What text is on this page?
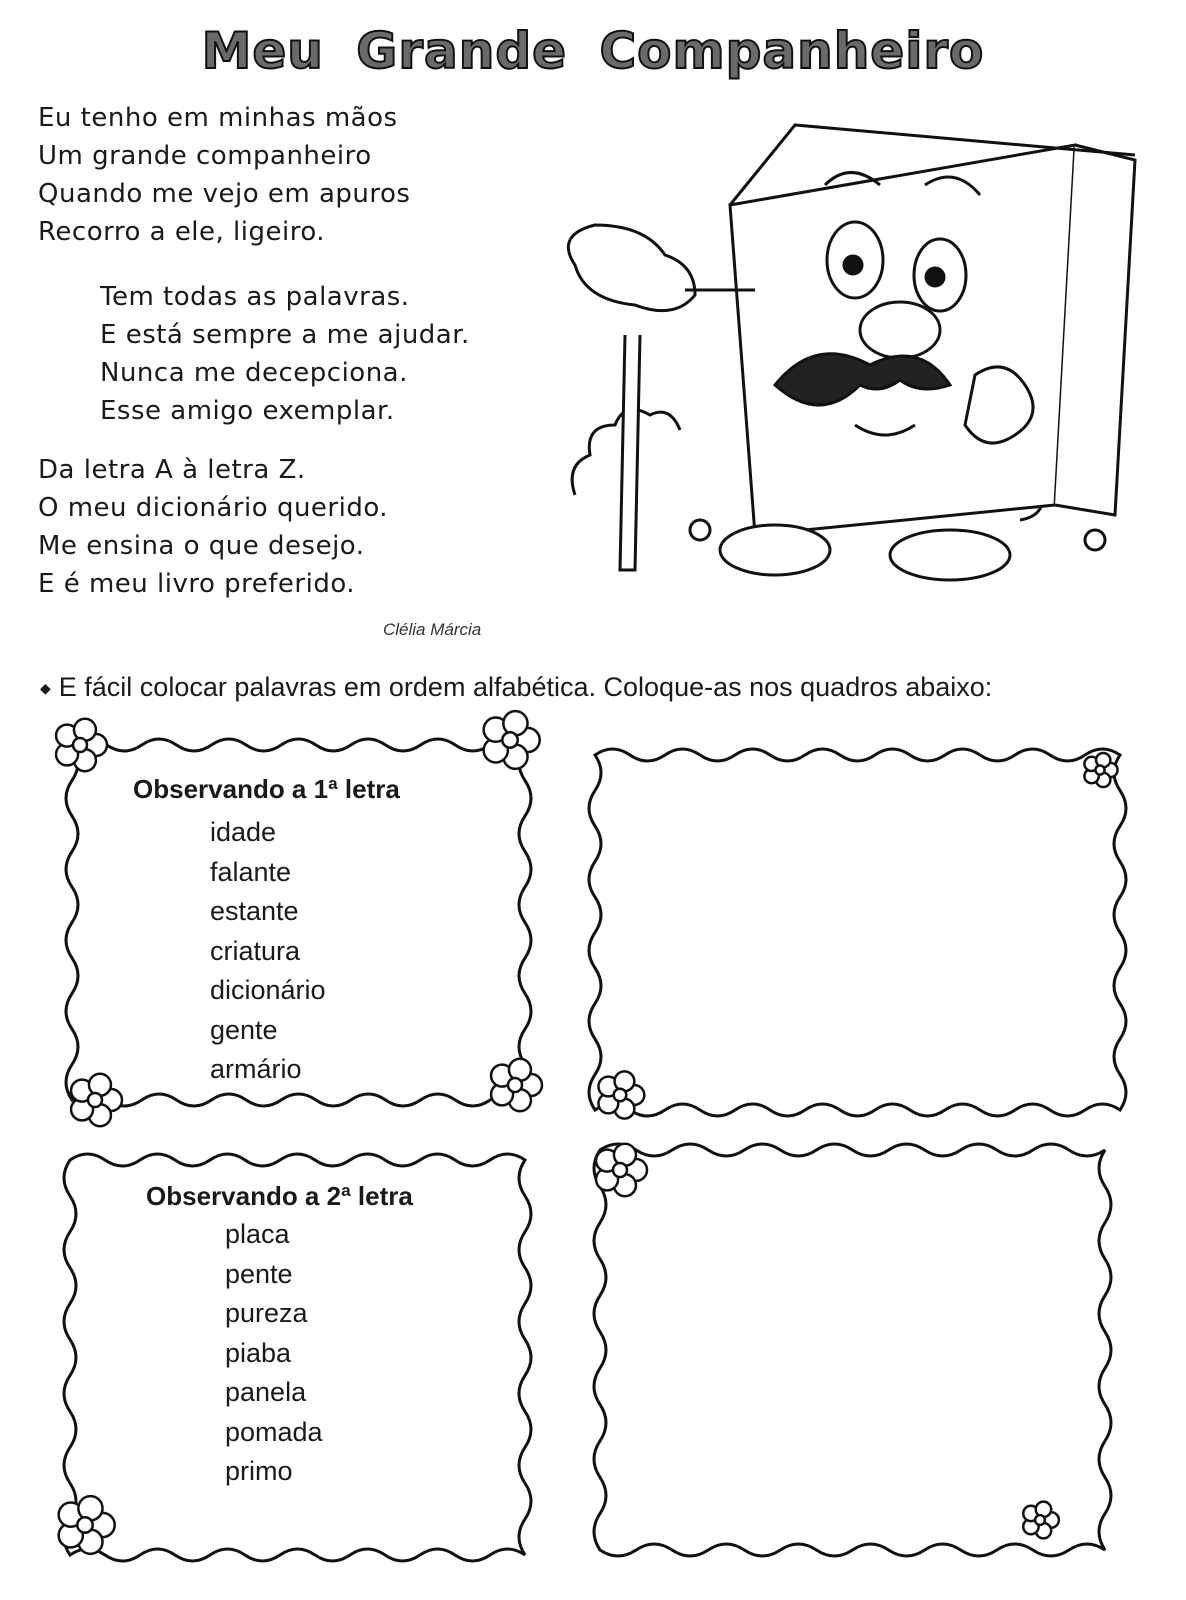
Meu Grande Companheiro
Eu tenho em minhas mãos
Um grande companheiro
Quando me vejo em apuros
Recorro a ele, ligeiro.
Tem todas as palavras.
E está sempre a me ajudar.
Nunca me decepciona.
Esse amigo exemplar.
Da letra A à letra Z.
O meu dicionário querido.
Me ensina o que desejo.
E é meu livro preferido.
Clélia Márcia
◆ E fácil colocar palavras em ordem alfabética. Coloque-as nos quadros abaixo:
Observando a 1ª letra
idade
falante
estante
criatura
dicionário
gente
armário
Observando a 2ª letra
placa
pente
pureza
piaba
panela
pomada
primo
